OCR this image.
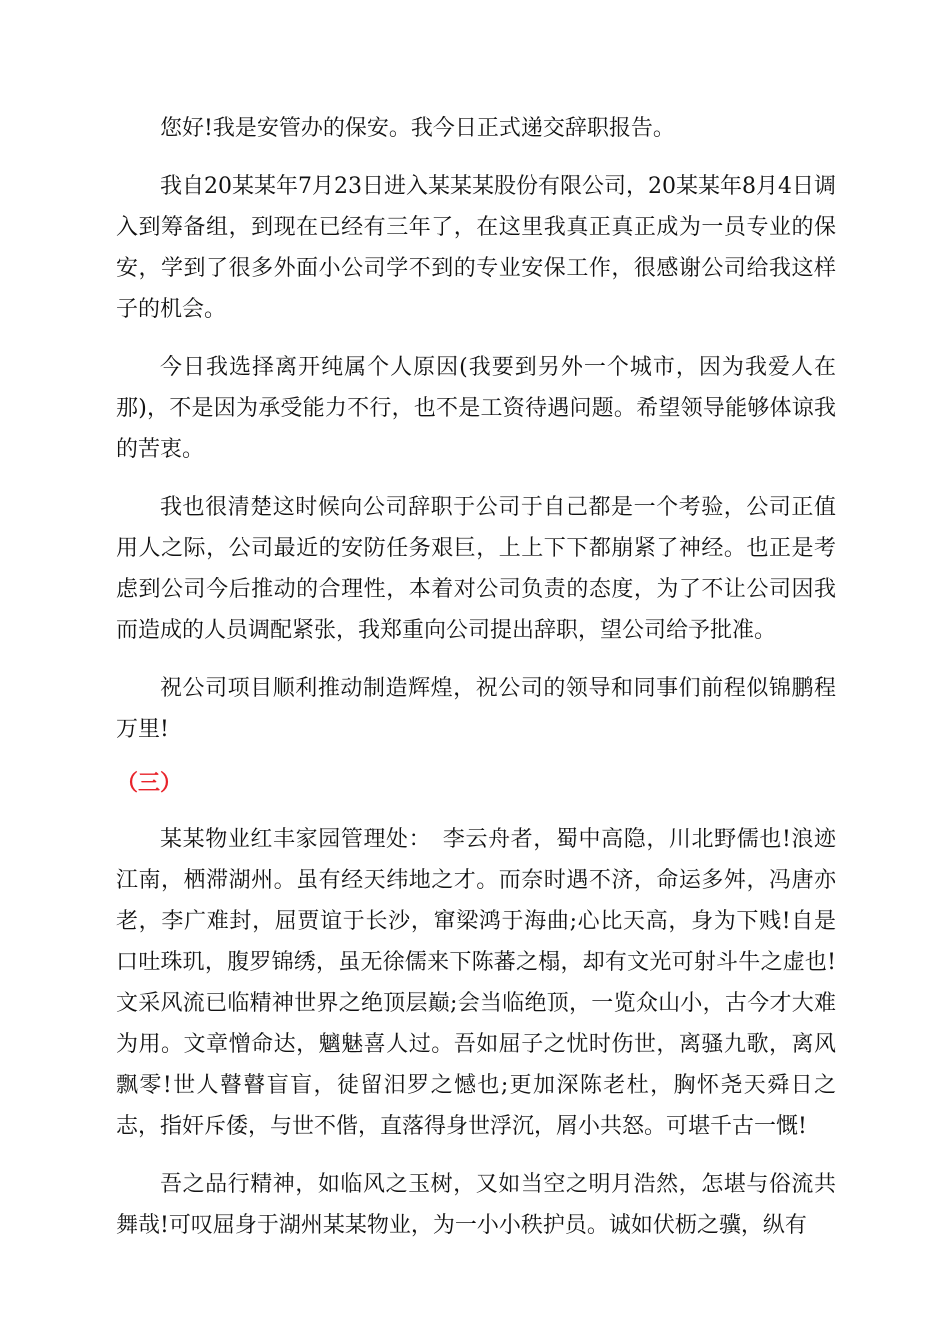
您好!我是安管办的保安。我今日正式递交辞职报告。

我自20某某年7月23日进入某某某股份有限公司，20某某年8月4日调入到筹备组，到现在已经有三年了，在这里我真正真正成为一员专业的保安，学到了很多外面小公司学不到的专业安保工作，很感谢公司给我这样子的机会。

今日我选择离开纯属个人原因(我要到另外一个城市，因为我爱人在那)，不是因为承受能力不行，也不是工资待遇问题。希望领导能够体谅我的苦衷。

我也很清楚这时候向公司辞职于公司于自己都是一个考验，公司正值用人之际，公司最近的安防任务艰巨，上上下下都崩紧了神经。也正是考虑到公司今后推动的合理性，本着对公司负责的态度，为了不让公司因我而造成的人员调配紧张，我郑重向公司提出辞职，望公司给予批准。

祝公司项目顺利推动制造辉煌，祝公司的领导和同事们前程似锦鹏程万里!

（三）

某某物业红丰家园管理处：　李云舟者，蜀中高隐，川北野儒也!浪迹江南，栖滞湖州。虽有经天纬地之才。而奈时遇不济，命运多舛，冯唐亦老，李广难封，屈贾谊于长沙，窜梁鸿于海曲;心比天高，身为下贱!自是口吐珠玑，腹罗锦绣，虽无徐儒来下陈蕃之榻，却有文光可射斗牛之虚也!文采风流已临精神世界之绝顶层巅;会当临绝顶，一览众山小，古今才大难为用。文章憎命达，魑魅喜人过。吾如屈子之忧时伤世，离骚九歌，离风飘零!世人瞽瞽盲盲，徒留汨罗之憾也;更加深陈老杜，胸怀尧天舜日之志，指奸斥倭，与世不偕，直落得身世浮沉，屑小共怒。可堪千古一慨!

吾之品行精神，如临风之玉树，又如当空之明月浩然，怎堪与俗流共舞哉!可叹屈身于湖州某某物业，为一小小秩护员。诚如伏枥之骥，纵有
